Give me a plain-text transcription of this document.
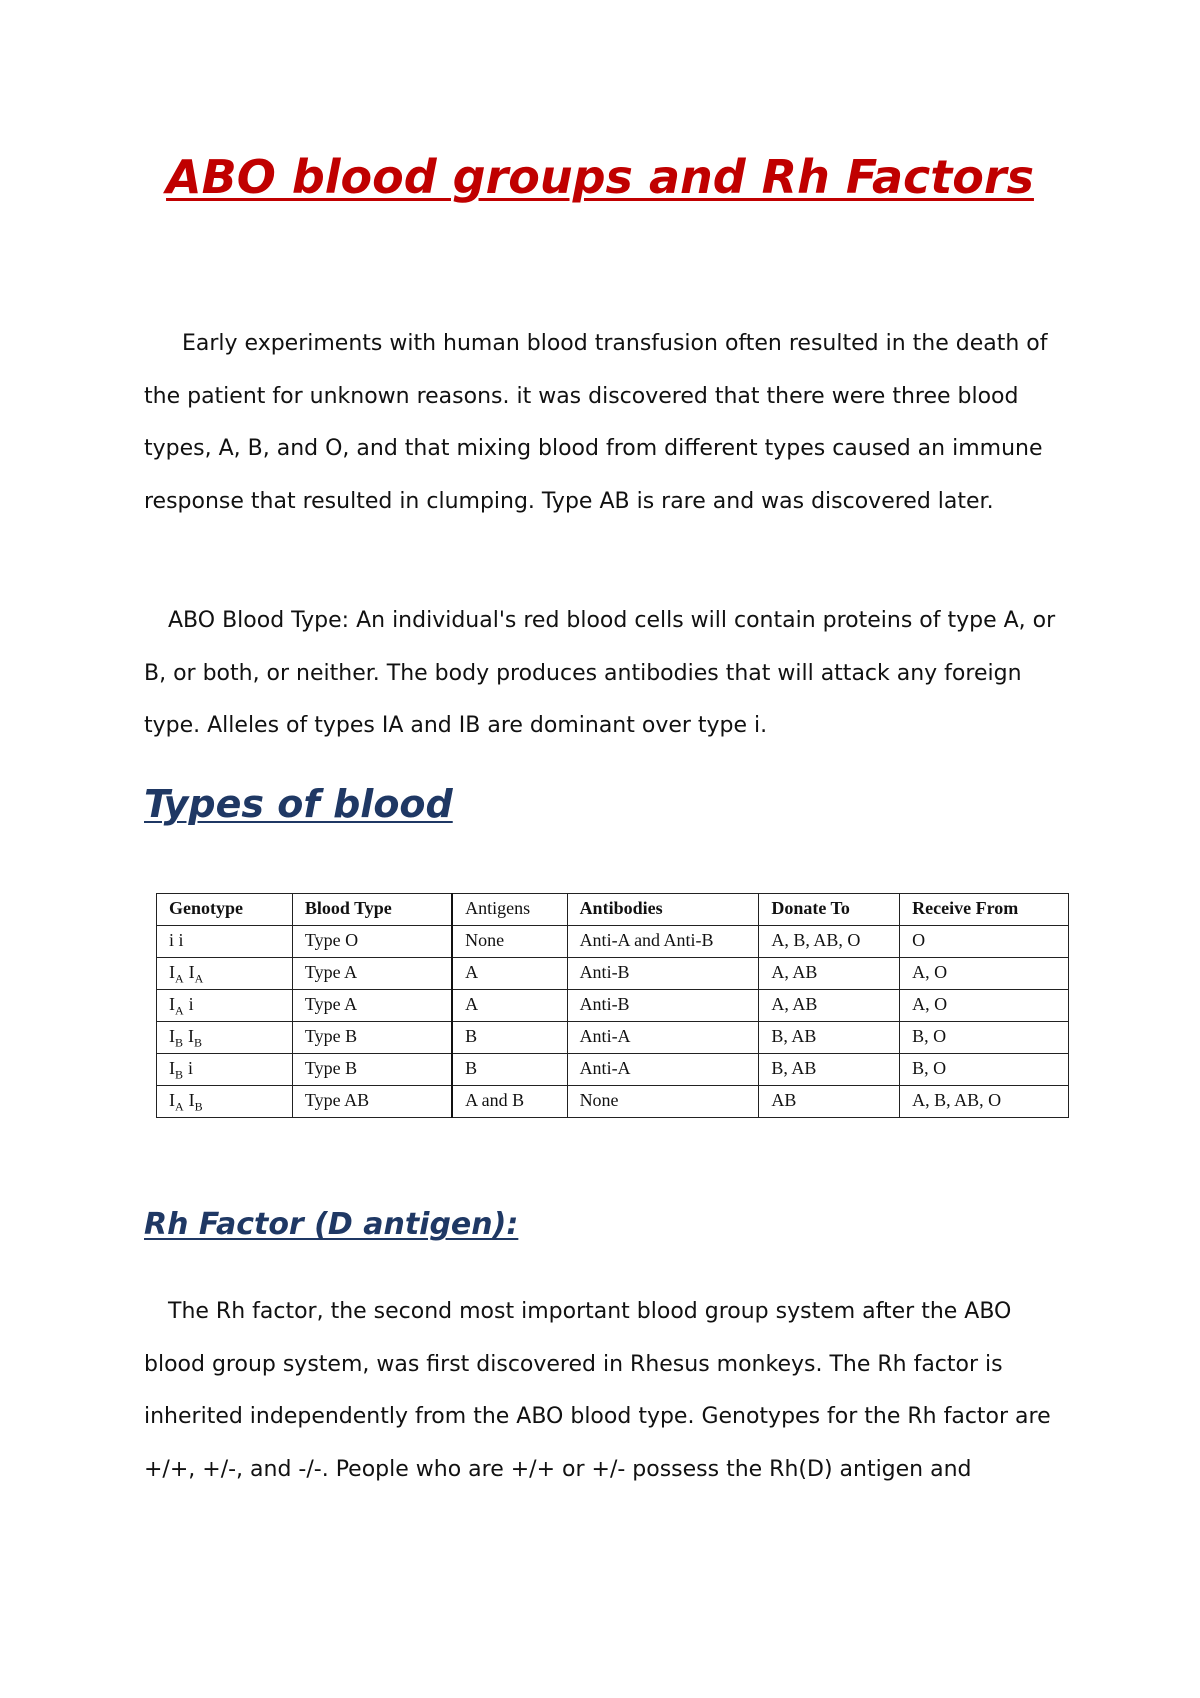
ABO blood groups and Rh Factors

Early experiments with human blood transfusion often resulted in the death of the patient for unknown reasons. it was discovered that there were three blood types, A, B, and O, and that mixing blood from different types caused an immune response that resulted in clumping. Type AB is rare and was discovered later.

ABO Blood Type: An individual's red blood cells will contain proteins of type A, or B, or both, or neither. The body produces antibodies that will attack any foreign type. Alleles of types IA and IB are dominant over type i.

Types of blood
Genotype	Blood Type	Antigens	Antibodies	Donate To	Receive From
i i	Type O	None	Anti-A and Anti-B	A, B, AB, O	O
$I_A$ $I_A$	Type A	A	Anti-B	A, AB	A, O
$I_A$ i	Type A	A	Anti-B	A, AB	A, O
$I_B$ $I_B$	Type B	B	Anti-A	B, AB	B, O
$I_B$ i	Type B	B	Anti-A	B, AB	B, O
$I_A$ $I_B$	Type AB	A and B	None	AB	A, B, AB, O
Rh Factor (D antigen):

The Rh factor, the second most important blood group system after the ABO blood group system, was first discovered in Rhesus monkeys. The Rh factor is inherited independently from the ABO blood type. Genotypes for the Rh factor are +/+, +/-, and -/-. People who are +/+ or +/- possess the Rh(D) antigen and
